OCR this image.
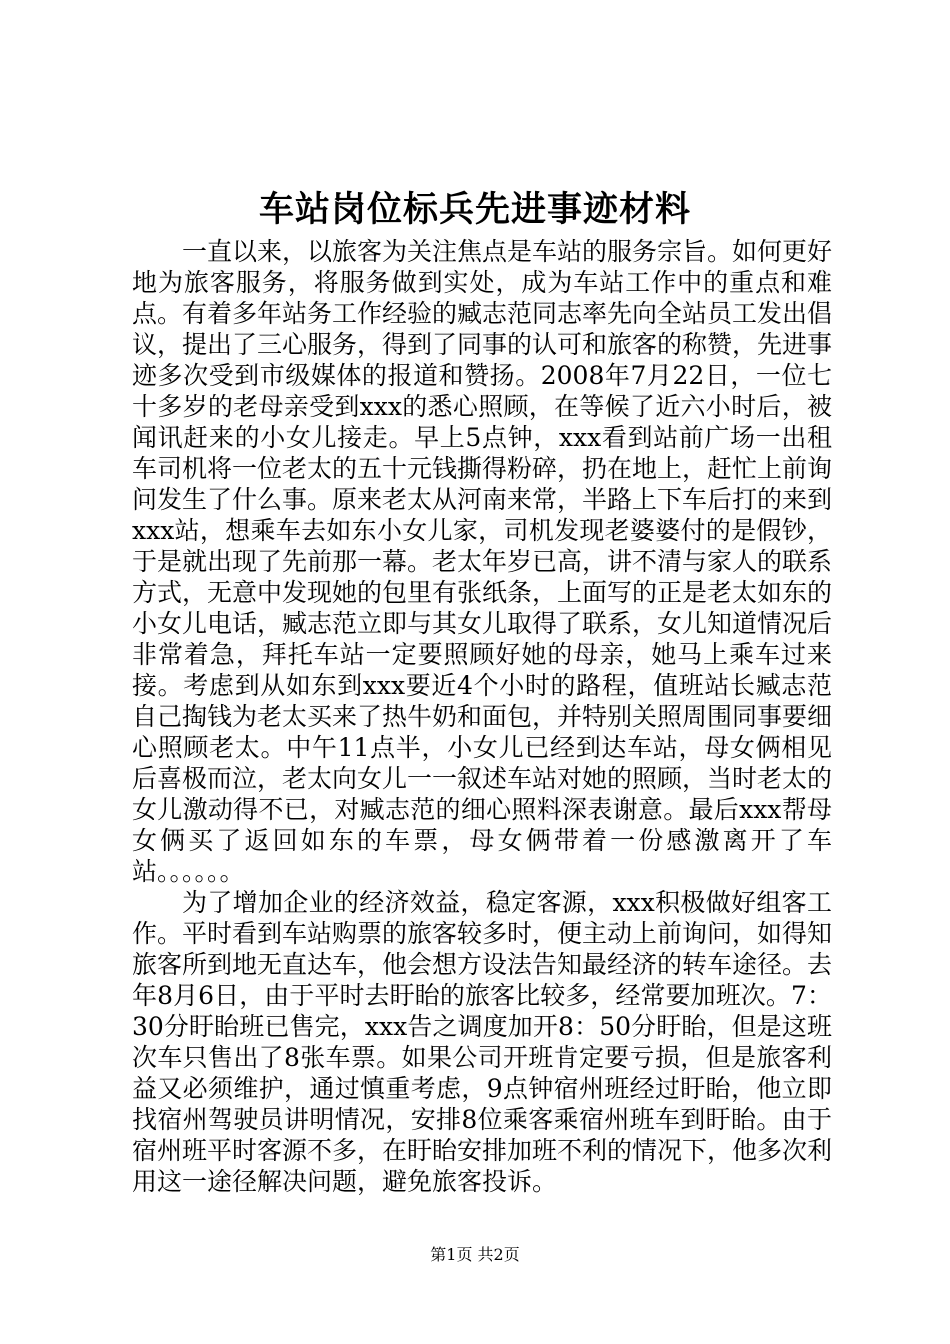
车站岗位标兵先进事迹材料

一直以来，以旅客为关注焦点是车站的服务宗旨。如何更好地为旅客服务，将服务做到实处，成为车站工作中的重点和难点。有着多年站务工作经验的臧志范同志率先向全站员工发出倡议，提出了三心服务，得到了同事的认可和旅客的称赞，先进事迹多次受到市级媒体的报道和赞扬。2008年7月22日，一位七十多岁的老母亲受到xxx的悉心照顾，在等候了近六小时后，被闻讯赶来的小女儿接走。早上5点钟，xxx看到站前广场一出租车司机将一位老太的五十元钱撕得粉碎，扔在地上，赶忙上前询问发生了什么事。原来老太从河南来常，半路上下车后打的来到xxx站，想乘车去如东小女儿家，司机发现老婆婆付的是假钞，于是就出现了先前那一幕。老太年岁已高，讲不清与家人的联系方式，无意中发现她的包里有张纸条，上面写的正是老太如东的小女儿电话，臧志范立即与其女儿取得了联系，女儿知道情况后非常着急，拜托车站一定要照顾好她的母亲，她马上乘车过来接。考虑到从如东到xxx要近4个小时的路程，值班站长臧志范自己掏钱为老太买来了热牛奶和面包，并特别关照周围同事要细心照顾老太。中午11点半，小女儿已经到达车站，母女俩相见后喜极而泣，老太向女儿一一叙述车站对她的照顾，当时老太的女儿激动得不已，对臧志范的细心照料深表谢意。最后xxx帮母女俩买了返回如东的车票，母女俩带着一份感激离开了车站。。。。。。

为了增加企业的经济效益，稳定客源，xxx积极做好组客工作。平时看到车站购票的旅客较多时，便主动上前询问，如得知旅客所到地无直达车，他会想方设法告知最经济的转车途径。去年8月6日，由于平时去盱眙的旅客比较多，经常要加班次。7：30分盱眙班已售完，xxx告之调度加开8：50分盱眙，但是这班次车只售出了8张车票。如果公司开班肯定要亏损，但是旅客利益又必须维护，通过慎重考虑，9点钟宿州班经过盱眙，他立即找宿州驾驶员讲明情况，安排8位乘客乘宿州班车到盱眙。由于宿州班平时客源不多，在盱眙安排加班不利的情况下，他多次利用这一途径解决问题，避免旅客投诉。

第1页 共2页
